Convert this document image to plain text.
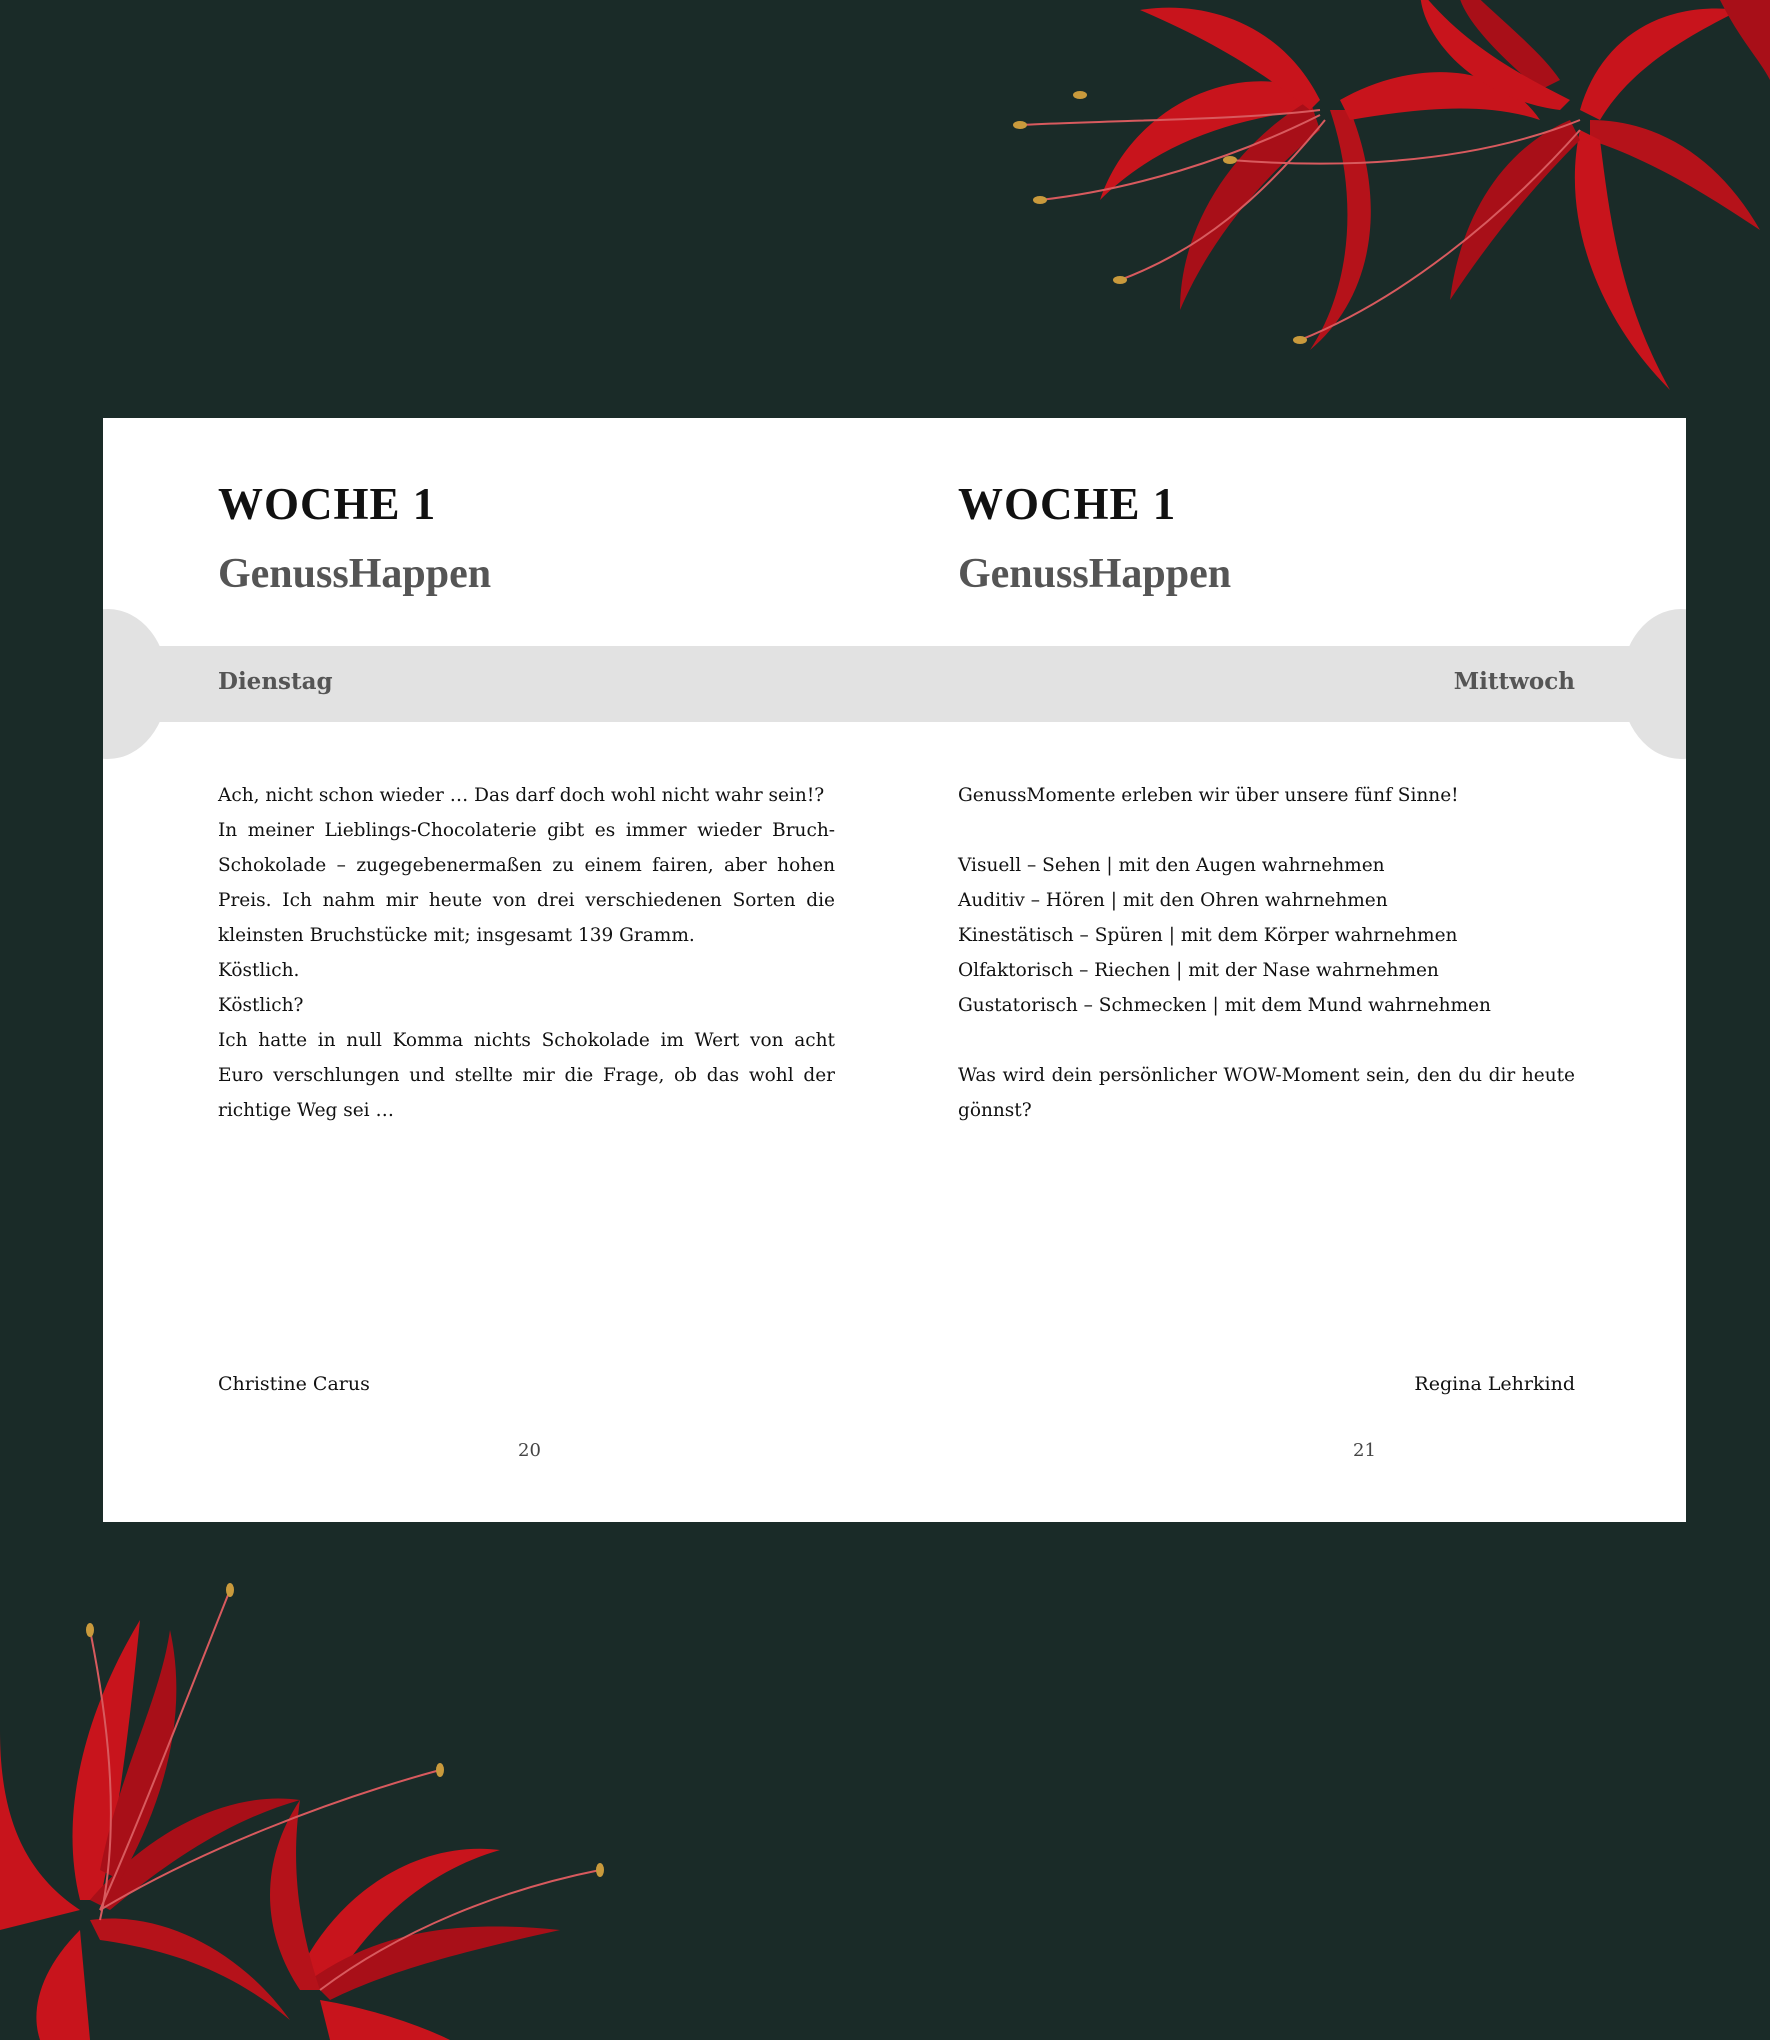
WOCHE 1
GenussHappen
Dienstag

Ach, nicht schon wieder … Das darf doch wohl nicht wahr sein!?

In meiner Lieblings-Chocolaterie gibt es immer wieder Bruch- Schokolade – zugegebenermaßen zu einem fairen, aber hohen Preis. Ich nahm mir heute von drei verschiedenen Sorten die kleinsten Bruchstücke mit; insgesamt 139 Gramm.

Köstlich.

Köstlich?

Ich hatte in null Komma nichts Schokolade im Wert von acht Euro verschlungen und stellte mir die Frage, ob das wohl der richtige Weg sei …

Christine Carus
20
WOCHE 1
GenussHappen
Mittwoch

GenussMomente erleben wir über unsere fünf Sinne!

Visuell – Sehen | mit den Augen wahrnehmen

Auditiv – Hören | mit den Ohren wahrnehmen

Kinestätisch – Spüren | mit dem Körper wahrnehmen

Olfaktorisch – Riechen | mit der Nase wahrnehmen

Gustatorisch – Schmecken | mit dem Mund wahrnehmen

Was wird dein persönlicher WOW-Moment sein, den du dir heute gönnst?

Regina Lehrkind
21
